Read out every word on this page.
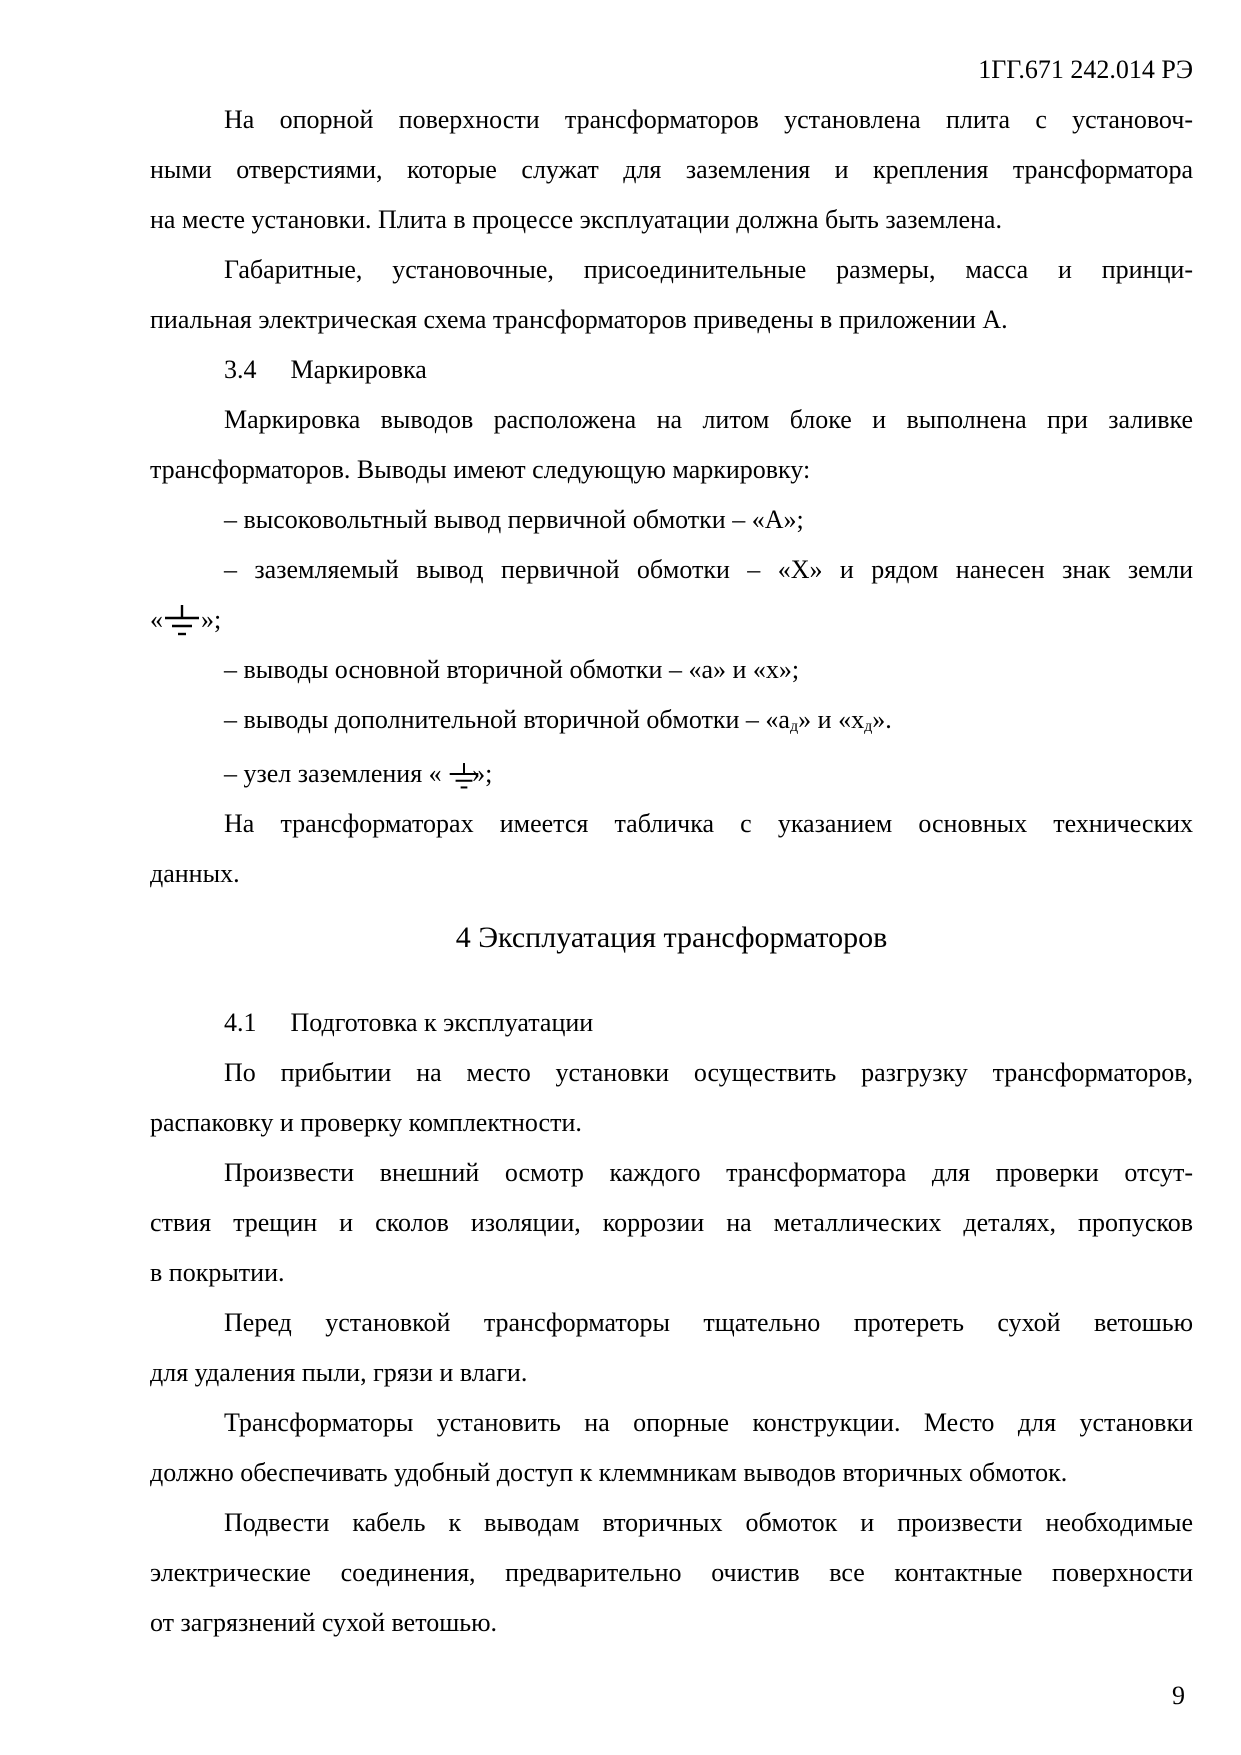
1ГГ.671 242.014 РЭ
На опорной поверхности трансформаторов установлена плита с установоч-
ными отверстиями, которые служат для заземления и крепления трансформатора
на месте установки. Плита в процессе эксплуатации должна быть заземлена.
Габаритные, установочные, присоединительные размеры, масса и принци-
пиальная электрическая схема трансформаторов приведены в приложении А.
3.4 Маркировка
Маркировка выводов расположена на литом блоке и выполнена при заливке
трансформаторов. Выводы имеют следующую маркировку:
– высоковольтный вывод первичной обмотки – «А»;
– заземляемый вывод первичной обмотки – «Х» и рядом нанесен знак земли
« »;
– выводы основной вторичной обмотки – «а» и «х»;
– выводы дополнительной вторичной обмотки – «ад» и «хд».
– узел заземления « »;
На трансформаторах имеется табличка с указанием основных технических
данных.
4 Эксплуатация трансформаторов
4.1 Подготовка к эксплуатации
По прибытии на место установки осуществить разгрузку трансформаторов,
распаковку и проверку комплектности.
Произвести внешний осмотр каждого трансформатора для проверки отсут-
ствия трещин и сколов изоляции, коррозии на металлических деталях, пропусков
в покрытии.
Перед установкой трансформаторы тщательно протереть сухой ветошью
для удаления пыли, грязи и влаги.
Трансформаторы установить на опорные конструкции. Место для установки
должно обеспечивать удобный доступ к клеммникам выводов вторичных обмоток.
Подвести кабель к выводам вторичных обмоток и произвести необходимые
электрические соединения, предварительно очистив все контактные поверхности
от загрязнений сухой ветошью.
9
